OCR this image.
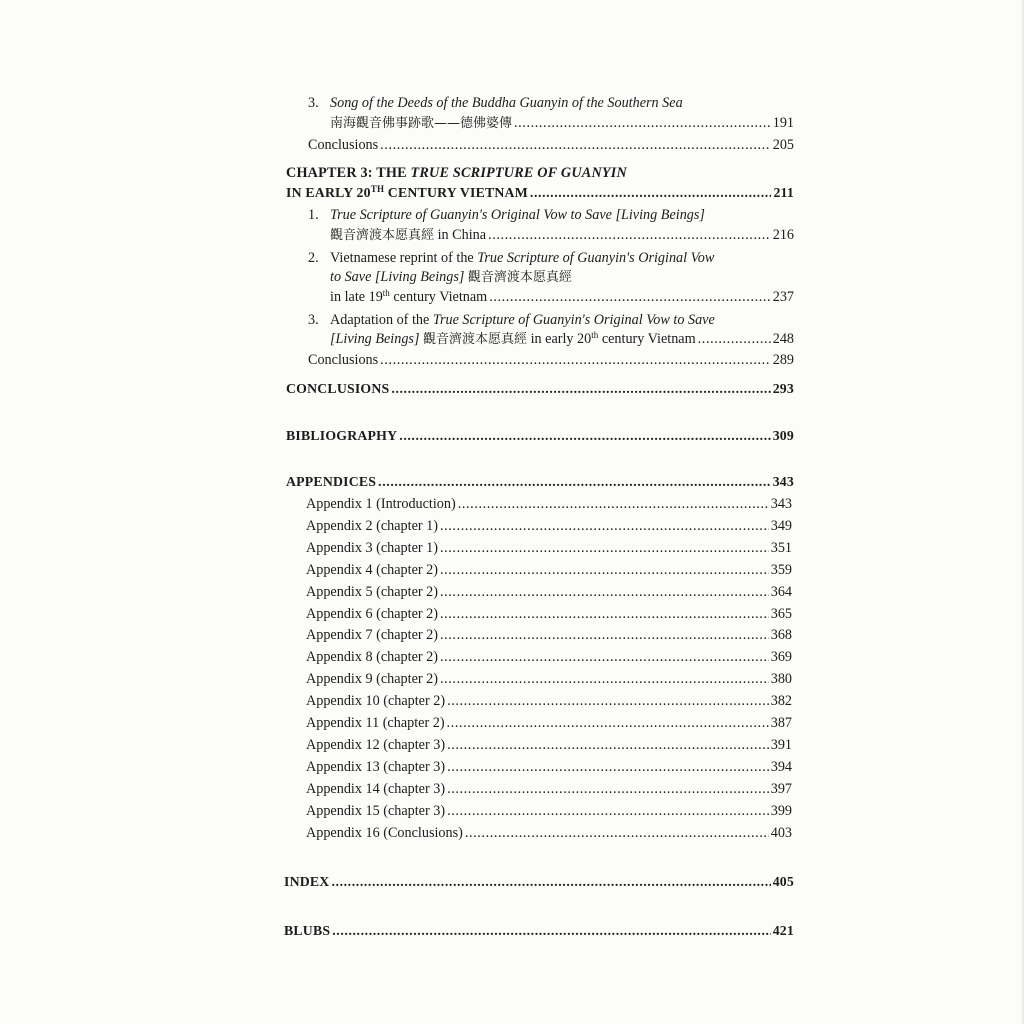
3. Song of the Deeds of the Buddha Guanyin of the Southern Sea
南海觀音佛事跡歌——德佛婆傳 .....	191
Conclusions .....	205
CHAPTER 3: THE TRUE SCRIPTURE OF GUANYIN
IN EARLY 20TH CENTURY VIETNAM .....	211
1. True Scripture of Guanyin's Original Vow to Save [Living Beings]
觀音濟渡本愿真經 in China .....	216
2. Vietnamese reprint of the True Scripture of Guanyin's Original Vow
to Save [Living Beings] 觀音濟渡本愿真經
in late 19th century Vietnam .....	237
3. Adaptation of the True Scripture of Guanyin's Original Vow to Save
[Living Beings] 觀音濟渡本愿真經 in early 20th century Vietnam .....	248
Conclusions .....	289
CONCLUSIONS .....	293
BIBLIOGRAPHY .....	309
APPENDICES .....	343
Appendix 1 (Introduction) .....	343
Appendix 2 (chapter 1) .....	349
Appendix 3 (chapter 1) .....	351
Appendix 4 (chapter 2) .....	359
Appendix 5 (chapter 2) .....	364
Appendix 6 (chapter 2) .....	365
Appendix 7 (chapter 2) .....	368
Appendix 8 (chapter 2) .....	369
Appendix 9 (chapter 2) .....	380
Appendix 10 (chapter 2) .....	382
Appendix 11 (chapter 2) .....	387
Appendix 12 (chapter 3) .....	391
Appendix 13 (chapter 3) .....	394
Appendix 14 (chapter 3) .....	397
Appendix 15 (chapter 3) .....	399
Appendix 16 (Conclusions) .....	403
INDEX .....	405
BLUBS .....	421
